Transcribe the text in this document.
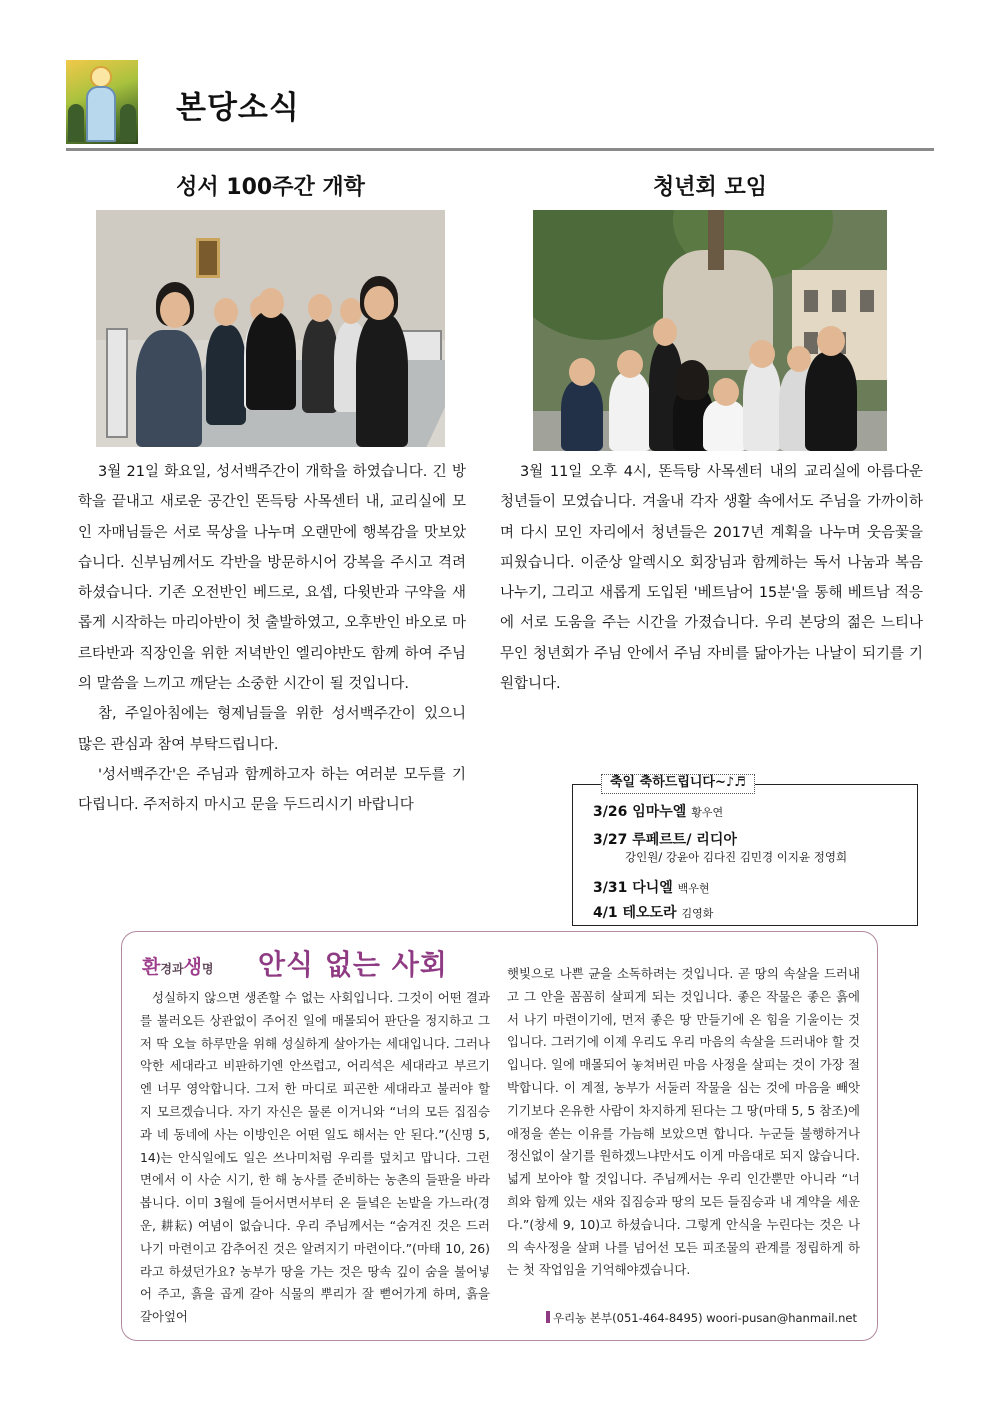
본당소식
성서 100주간 개학	청년회 모임

3월 21일 화요일, 성서백주간이 개학을 하였습니다. 긴 방학을 끝내고 새로운 공간인 똔득탕 사목센터 내, 교리실에 모인 자매님들은 서로 묵상을 나누며 오랜만에 행복감을 맛보았습니다. 신부님께서도 각반을 방문하시어 강복을 주시고 격려하셨습니다. 기존 오전반인 베드로, 요셉, 다윗반과 구약을 새롭게 시작하는 마리아반이 첫 출발하였고, 오후반인 바오로 마르타반과 직장인을 위한 저녁반인 엘리야반도 함께 하여 주님의 말씀을 느끼고 깨닫는 소중한 시간이 될 것입니다.

참, 주일아침에는 형제님들을 위한 성서백주간이 있으니 많은 관심과 참여 부탁드립니다.

'성서백주간'은 주님과 함께하고자 하는 여러분 모두를 기다립니다. 주저하지 마시고 문을 두드리시기 바랍니다

3월 11일 오후 4시, 똔득탕 사목센터 내의 교리실에 아름다운 청년들이 모였습니다. 겨울내 각자 생활 속에서도 주님을 가까이하며 다시 모인 자리에서 청년들은 2017년 계획을 나누며 웃음꽃을 피웠습니다. 이준상 알렉시오 회장님과 함께하는 독서 나눔과 복음나누기, 그리고 새롭게 도입된 '베트남어 15분'을 통해 베트남 적응에 서로 도움을 주는 시간을 가졌습니다. 우리 본당의 젊은 느티나무인 청년회가 주님 안에서 주님 자비를 닮아가는 나날이 되기를 기원합니다.

축일 축하드립니다~♪♬
3/26 임마누엘 황우연
3/27 루페르트/ 리디아
강인원/ 강윤아 김다진 김민경 이지윤 정영희
3/31 다니엘 백우현
4/1 테오도라 김영화
환경과생명 안식 없는 사회
성실하지 않으면 생존할 수 없는 사회입니다. 그것이 어떤 결과를 불러오든 상관없이 주어진 일에 매몰되어 판단을 정지하고 그저 딱 오늘 하루만을 위해 성실하게 살아가는 세대입니다. 그러나 악한 세대라고 비판하기엔 안쓰럽고, 어리석은 세대라고 부르기엔 너무 영악합니다. 그저 한 마디로 피곤한 세대라고 불러야 할지 모르겠습니다. 자기 자신은 물론 이거니와 “너의 모든 집짐승과 네 동네에 사는 이방인은 어떤 일도 해서는 안 된다.”(신명 5, 14)는 안식일에도 일은 쓰나미처럼 우리를 덮치고 맙니다. 그런 면에서 이 사순 시기, 한 해 농사를 준비하는 농촌의 들판을 바라봅니다. 이미 3월에 들어서면서부터 온 들녘은 논밭을 가느라(경운, 耕耘) 여념이 없습니다. 우리 주님께서는 “숨겨진 것은 드러나기 마련이고 감추어진 것은 알려지기 마련이다.”(마태 10, 26)라고 하셨던가요? 농부가 땅을 가는 것은 땅속 깊이 숨을 불어넣어 주고, 흙을 곱게 갈아 식물의 뿌리가 잘 뻗어가게 하며, 흙을 갈아엎어
햇빛으로 나쁜 균을 소독하려는 것입니다. 곧 땅의 속살을 드러내고 그 안을 꼼꼼히 살피게 되는 것입니다. 좋은 작물은 좋은 흙에서 나기 마련이기에, 먼저 좋은 땅 만들기에 온 힘을 기울이는 것입니다. 그러기에 이제 우리도 우리 마음의 속살을 드러내야 할 것입니다. 일에 매몰되어 놓쳐버린 마음 사정을 살피는 것이 가장 절박합니다. 이 계절, 농부가 서둘러 작물을 심는 것에 마음을 빼앗기기보다 온유한 사람이 차지하게 된다는 그 땅(마태 5, 5 참조)에 애정을 쏟는 이유를 가늠해 보았으면 합니다. 누군들 불행하거나 정신없이 살기를 원하겠느냐만서도 이게 마음대로 되지 않습니다. 넓게 보아야 할 것입니다. 주님께서는 우리 인간뿐만 아니라 “너희와 함께 있는 새와 집짐승과 땅의 모든 들짐승과 내 계약을 세운다.”(창세 9, 10)고 하셨습니다. 그렇게 안식을 누린다는 것은 나의 속사정을 살펴 나를 넘어선 모든 피조물의 관계를 정립하게 하는 첫 작업임을 기억해야겠습니다.
우리농 본부(051-464-8495) woori-pusan@hanmail.net
